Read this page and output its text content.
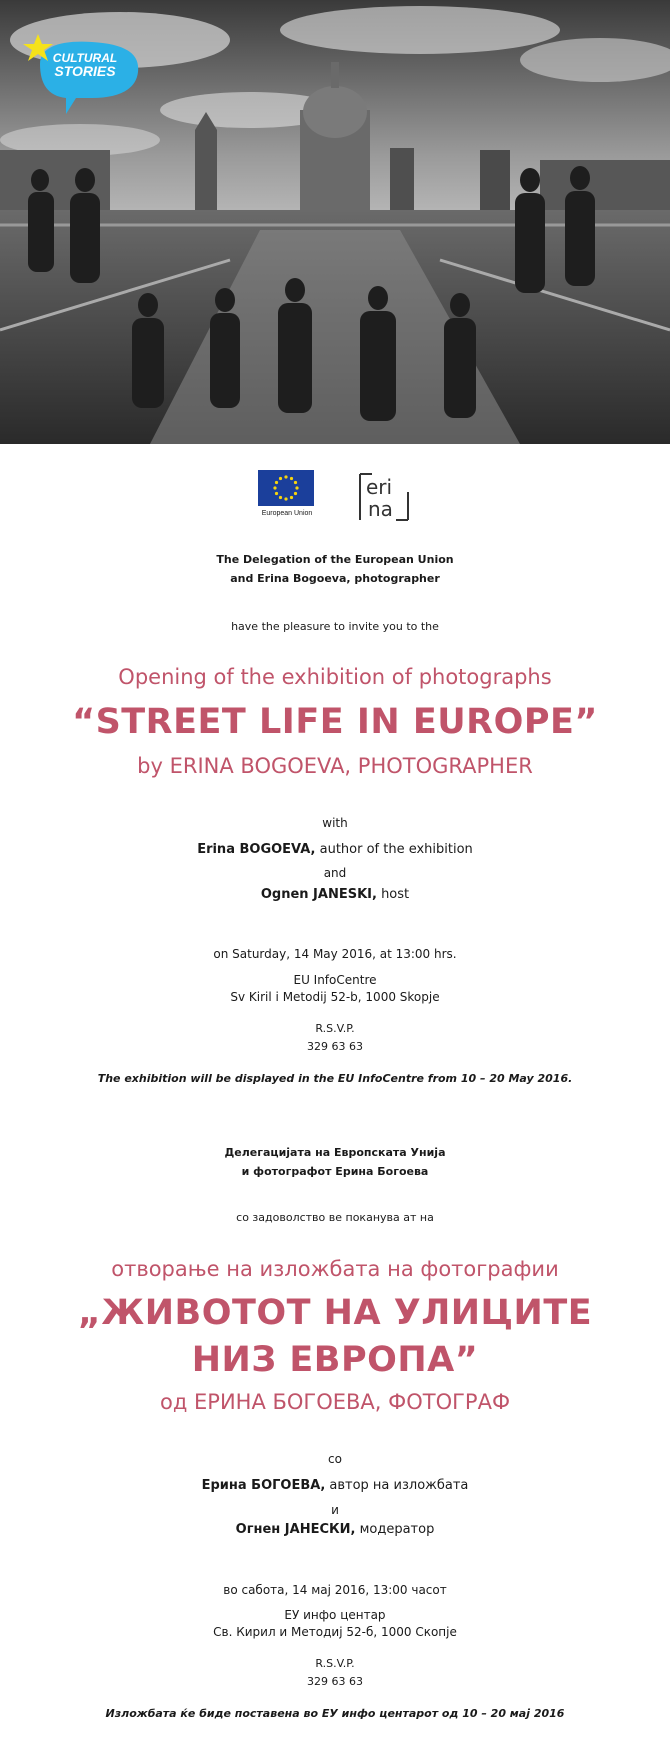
CULTURAL
STORIES
European Union
eri
na
The Delegation of the European Union
and Erina Bogoeva, photographer
have the pleasure to invite you to the
Opening of the exhibition of photographs
“STREET LIFE IN EUROPE”
by ERINA BOGOEVA, PHOTOGRAPHER
with
Erina BOGOEVA, author of the exhibition
and
Ognen JANESKI, host
on Saturday, 14 May 2016, at 13:00 hrs.
EU InfoCentre
Sv Kiril i Metodij 52-b, 1000 Skopje
R.S.V.P.
329 63 63
The exhibition will be displayed in the EU InfoCentre from 10 – 20 May 2016.
Делегацијата на Европската Унија
и фотографот Ерина Богоева
со задоволство ве поканува ат на
отворање на изложбата на фотографии
„ЖИВОТОТ НА УЛИЦИТЕ
НИЗ ЕВРОПА”
од ЕРИНА БОГОЕВА, ФОТОГРАФ
со
Ерина БОГОЕВА, автор на изложбата
и
Огнен ЈАНЕСКИ, модератор
во сабота, 14 мај 2016, 13:00 часот
ЕУ инфо центар
Св. Кирил и Методиј 52-б, 1000 Скопје
R.S.V.P.
329 63 63
Изложбата ќе биде поставена во ЕУ инфо центарот од 10 – 20 мај 2016
